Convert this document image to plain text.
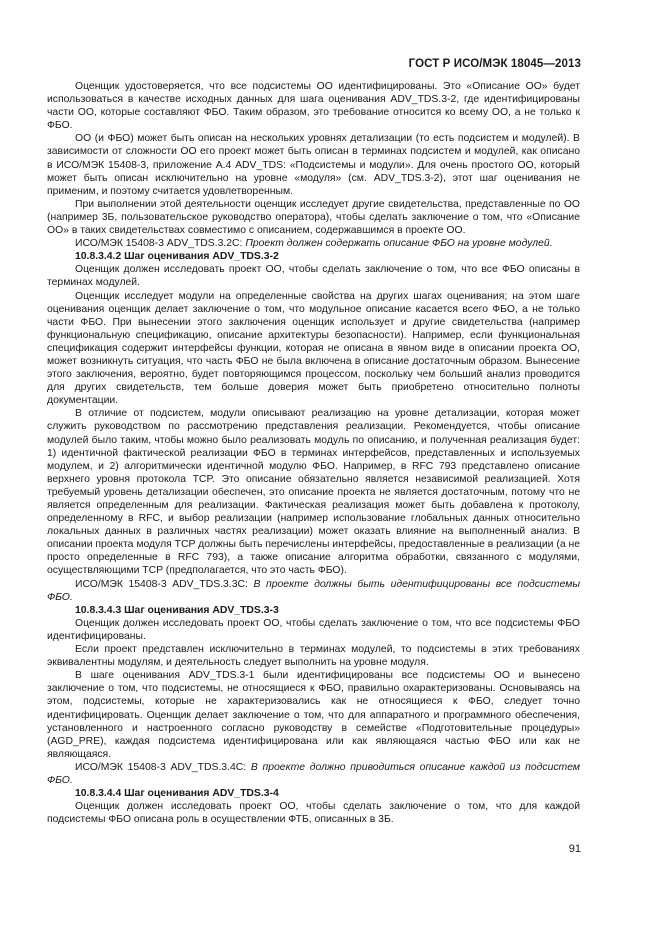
ГОСТ Р ИСО/МЭК 18045—2013

Оценщик удостоверяется, что все подсистемы ОО идентифицированы. Это «Описание ОО» будет использоваться в качестве исходных данных для шага оценивания ADV_TDS.3-2, где идентифицированы части ОО, которые составляют ФБО. Таким образом, это требование относится ко всему ОО, а не только к ФБО.

ОО (и ФБО) может быть описан на нескольких уровнях детализации (то есть подсистем и модулей). В зависимости от сложности ОО его проект может быть описан в терминах подсистем и модулей, как описано в ИСО/МЭК 15408-3, приложение А.4 ADV_TDS: «Подсистемы и модули». Для очень простого ОО, который может быть описан исключительно на уровне «модуля» (см. ADV_TDS.3-2), этот шаг оценивания не применим, и поэтому считается удовлетворенным.

При выполнении этой деятельности оценщик исследует другие свидетельства, представленные по ОО (например 3Б, пользовательское руководство оператора), чтобы сделать заключение о том, что «Описание ОО» в таких свидетельствах совместимо с описанием, содержавшимся в проекте ОО.

ИСО/МЭК 15408-3 ADV_TDS.3.2С: Проект должен содержать описание ФБО на уровне модулей.

10.8.3.4.2 Шаг оценивания ADV_TDS.3-2

Оценщик должен исследовать проект ОО, чтобы сделать заключение о том, что все ФБО описаны в терминах модулей.

Оценщик исследует модули на определенные свойства на других шагах оценивания; на этом шаге оценивания оценщик делает заключение о том, что модульное описание касается всего ФБО, а не только части ФБО. При вынесении этого заключения оценщик использует и другие свидетельства (например функциональную спецификацию, описание архитектуры безопасности). Например, если функциональная спецификация содержит интерфейсы функции, которая не описана в явном виде в описании проекта ОО, может возникнуть ситуация, что часть ФБО не была включена в описание достаточным образом. Вынесение этого заключения, вероятно, будет повторяющимся процессом, поскольку чем больший анализ проводится для других свидетельств, тем больше доверия может быть приобретено относительно полноты документации.

В отличие от подсистем, модули описывают реализацию на уровне детализации, которая может служить руководством по рассмотрению представления реализации. Рекомендуется, чтобы описание модулей было таким, чтобы можно было реализовать модуль по описанию, и полученная реализация будет: 1) идентичной фактической реализации ФБО в терминах интерфейсов, представленных и используемых модулем, и 2) алгоритмически идентичной модулю ФБО. Например, в RFC 793 представлено описание верхнего уровня протокола TCP. Это описание обязательно является независимой реализацией. Хотя требуемый уровень детализации обеспечен, это описание проекта не является достаточным, потому что не является определенным для реализации. Фактическая реализация может быть добавлена к протоколу, определенному в RFC, и выбор реализации (например использование глобальных данных относительно локальных данных в различных частях реализации) может оказать влияние на выполненный анализ. В описании проекта модуля TCP должны быть перечислены интерфейсы, предоставленные в реализации (а не просто определенные в RFC 793), а также описание алгоритма обработки, связанного с модулями, осуществляющими TCP (предполагается, что это часть ФБО).

ИСО/МЭК 15408-3 ADV_TDS.3.3С: В проекте должны быть идентифицированы все подсистемы ФБО.

10.8.3.4.3 Шаг оценивания ADV_TDS.3-3

Оценщик должен исследовать проект ОО, чтобы сделать заключение о том, что все подсистемы ФБО идентифицированы.

Если проект представлен исключительно в терминах модулей, то подсистемы в этих требованиях эквивалентны модулям, и деятельность следует выполнить на уровне модуля.

В шаге оценивания ADV_TDS.3-1 были идентифицированы все подсистемы ОО и вынесено заключение о том, что подсистемы, не относящиеся к ФБО, правильно охарактеризованы. Основываясь на этом, подсистемы, которые не характеризовались как не относящиеся к ФБО, следует точно идентифицировать. Оценщик делает заключение о том, что для аппаратного и программного обеспечения, установленного и настроенного согласно руководству в семействе «Подготовительные процедуры» (AGD_PRE), каждая подсистема идентифицирована или как являющаяся частью ФБО или как не являющаяся.

ИСО/МЭК 15408-3 ADV_TDS.3.4С: В проекте должно приводиться описание каждой из подсистем ФБО.

10.8.3.4.4 Шаг оценивания ADV_TDS.3-4

Оценщик должен исследовать проект ОО, чтобы сделать заключение о том, что для каждой подсистемы ФБО описана роль в осуществлении ФТБ, описанных в 3Б.

91
